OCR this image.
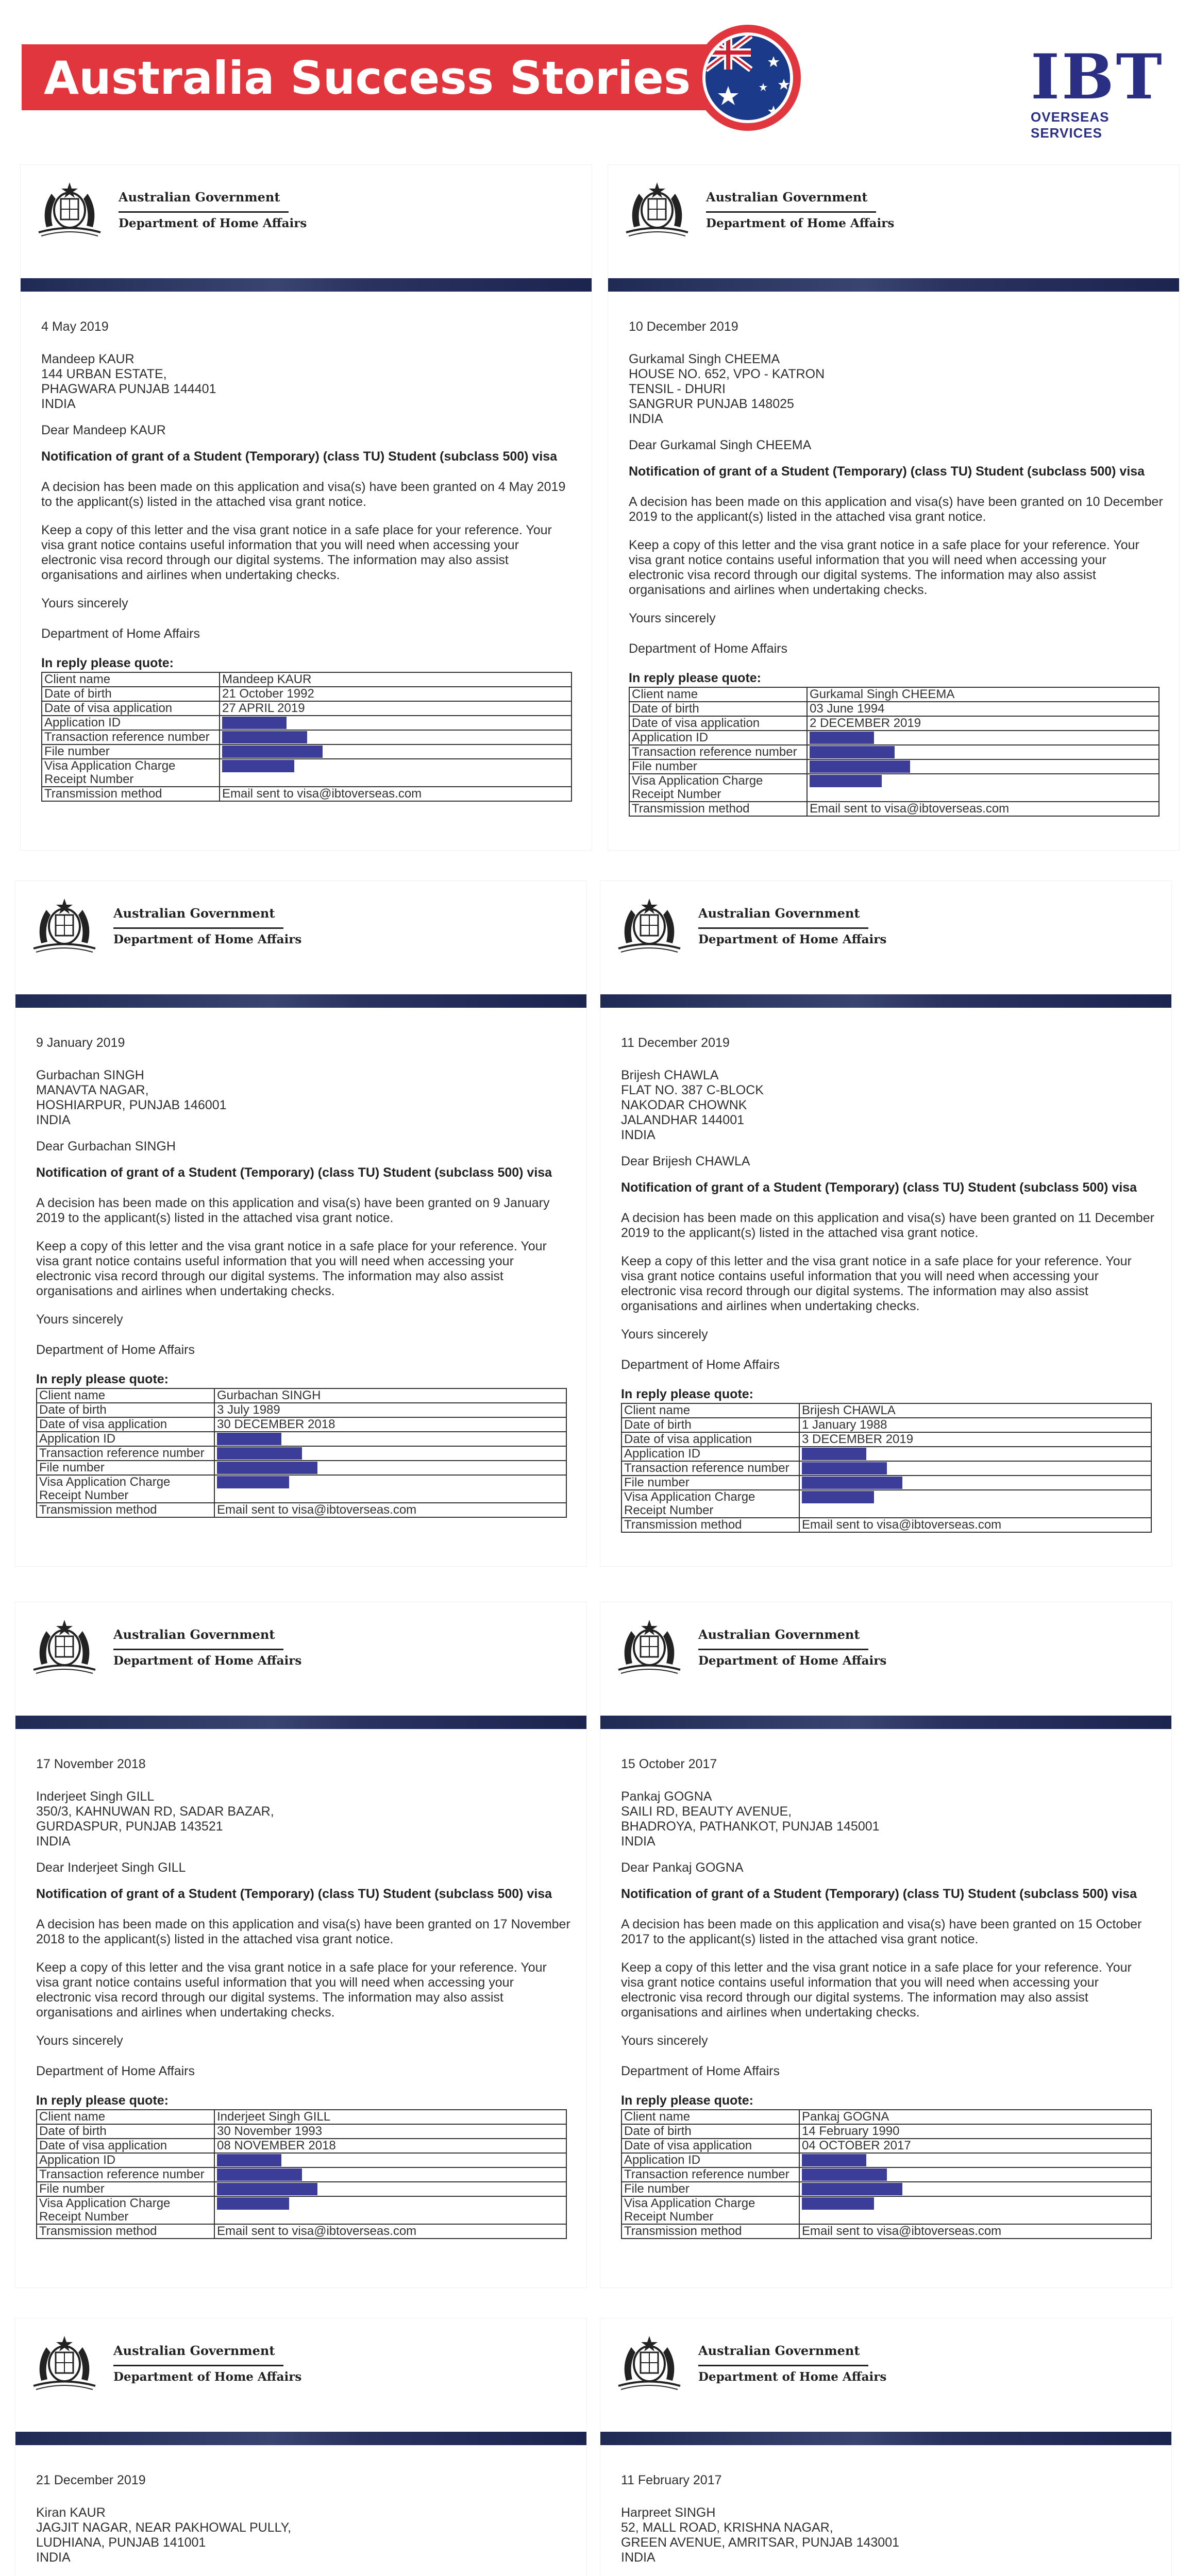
Australia Success Stories	IBT
OVERSEAS SERVICES
Australian Government
Department of Home Affairs

4 May 2019

Mandeep KAUR
144 URBAN ESTATE,
PHAGWARA PUNJAB 144401
INDIA

Dear Mandeep KAUR

Notification of grant of a Student (Temporary) (class TU) Student (subclass 500) visa

A decision has been made on this application and visa(s) have been granted on 4 May 2019 to the applicant(s) listed in the attached visa grant notice.

Keep a copy of this letter and the visa grant notice in a safe place for your reference. Your visa grant notice contains useful information that you will need when accessing your electronic visa record through our digital systems. The information may also assist organisations and airlines when undertaking checks.

Yours sincerely

Department of Home Affairs

In reply please quote:

Client name	Mandeep KAUR
Date of birth	21 October 1992
Date of visa application	27 APRIL 2019
Application ID	

Transaction reference number	

File number	

Visa Application Charge
Receipt Number	

Transmission method	Email sent to visa@ibtoverseas.com
Australian Government
Department of Home Affairs

10 December 2019

Gurkamal Singh CHEEMA
HOUSE NO. 652, VPO - KATRON
TENSIL - DHURI
SANGRUR PUNJAB 148025
INDIA

Dear Gurkamal Singh CHEEMA

Notification of grant of a Student (Temporary) (class TU) Student (subclass 500) visa

A decision has been made on this application and visa(s) have been granted on 10 December 2019 to the applicant(s) listed in the attached visa grant notice.

Keep a copy of this letter and the visa grant notice in a safe place for your reference. Your visa grant notice contains useful information that you will need when accessing your electronic visa record through our digital systems. The information may also assist organisations and airlines when undertaking checks.

Yours sincerely

Department of Home Affairs

In reply please quote:

Client name	Gurkamal Singh CHEEMA
Date of birth	03 June 1994
Date of visa application	2 DECEMBER 2019
Application ID	

Transaction reference number	

File number	

Visa Application Charge
Receipt Number	

Transmission method	Email sent to visa@ibtoverseas.com
Australian Government
Department of Home Affairs

9 January 2019

Gurbachan SINGH
MANAVTA NAGAR,
HOSHIARPUR, PUNJAB 146001
INDIA

Dear Gurbachan SINGH

Notification of grant of a Student (Temporary) (class TU) Student (subclass 500) visa

A decision has been made on this application and visa(s) have been granted on 9 January 2019 to the applicant(s) listed in the attached visa grant notice.

Keep a copy of this letter and the visa grant notice in a safe place for your reference. Your visa grant notice contains useful information that you will need when accessing your electronic visa record through our digital systems. The information may also assist organisations and airlines when undertaking checks.

Yours sincerely

Department of Home Affairs

In reply please quote:

Client name	Gurbachan SINGH
Date of birth	3 July 1989
Date of visa application	30 DECEMBER 2018
Application ID	

Transaction reference number	

File number	

Visa Application Charge
Receipt Number	

Transmission method	Email sent to visa@ibtoverseas.com
Australian Government
Department of Home Affairs

11 December 2019

Brijesh CHAWLA
FLAT NO. 387 C-BLOCK
NAKODAR CHOWNK
JALANDHAR 144001
INDIA

Dear Brijesh CHAWLA

Notification of grant of a Student (Temporary) (class TU) Student (subclass 500) visa

A decision has been made on this application and visa(s) have been granted on 11 December 2019 to the applicant(s) listed in the attached visa grant notice.

Keep a copy of this letter and the visa grant notice in a safe place for your reference. Your visa grant notice contains useful information that you will need when accessing your electronic visa record through our digital systems. The information may also assist organisations and airlines when undertaking checks.

Yours sincerely

Department of Home Affairs

In reply please quote:

Client name	Brijesh CHAWLA
Date of birth	1 January 1988
Date of visa application	3 DECEMBER 2019
Application ID	

Transaction reference number	

File number	

Visa Application Charge
Receipt Number	

Transmission method	Email sent to visa@ibtoverseas.com
Australian Government
Department of Home Affairs

17 November 2018

Inderjeet Singh GILL
350/3, KAHNUWAN RD, SADAR BAZAR,
GURDASPUR, PUNJAB 143521
INDIA

Dear Inderjeet Singh GILL

Notification of grant of a Student (Temporary) (class TU) Student (subclass 500) visa

A decision has been made on this application and visa(s) have been granted on 17 November 2018 to the applicant(s) listed in the attached visa grant notice.

Keep a copy of this letter and the visa grant notice in a safe place for your reference. Your visa grant notice contains useful information that you will need when accessing your electronic visa record through our digital systems. The information may also assist organisations and airlines when undertaking checks.

Yours sincerely

Department of Home Affairs

In reply please quote:

Client name	Inderjeet Singh GILL
Date of birth	30 November 1993
Date of visa application	08 NOVEMBER 2018
Application ID	

Transaction reference number	

File number	

Visa Application Charge
Receipt Number	

Transmission method	Email sent to visa@ibtoverseas.com
Australian Government
Department of Home Affairs

15 October 2017

Pankaj GOGNA
SAILI RD, BEAUTY AVENUE,
BHADROYA, PATHANKOT, PUNJAB 145001
INDIA

Dear Pankaj GOGNA

Notification of grant of a Student (Temporary) (class TU) Student (subclass 500) visa

A decision has been made on this application and visa(s) have been granted on 15 October 2017 to the applicant(s) listed in the attached visa grant notice.

Keep a copy of this letter and the visa grant notice in a safe place for your reference. Your visa grant notice contains useful information that you will need when accessing your electronic visa record through our digital systems. The information may also assist organisations and airlines when undertaking checks.

Yours sincerely

Department of Home Affairs

In reply please quote:

Client name	Pankaj GOGNA
Date of birth	14 February 1990
Date of visa application	04 OCTOBER 2017
Application ID	

Transaction reference number	

File number	

Visa Application Charge
Receipt Number	

Transmission method	Email sent to visa@ibtoverseas.com
Australian Government
Department of Home Affairs

21 December 2019

Kiran KAUR
JAGJIT NAGAR, NEAR PAKHOWAL PULLY,
LUDHIANA, PUNJAB 141001
INDIA

Australian Government
Department of Home Affairs

11 February 2017

Harpreet SINGH
52, MALL ROAD, KRISHNA NAGAR,
GREEN AVENUE, AMRITSAR, PUNJAB 143001
INDIA
